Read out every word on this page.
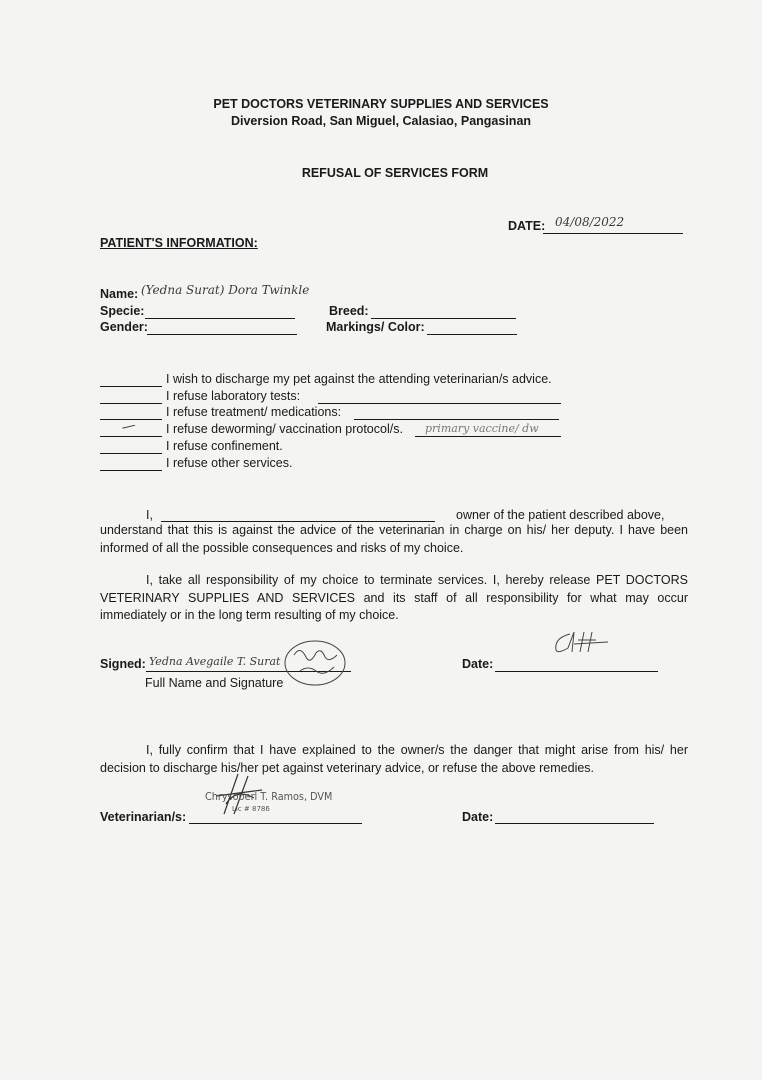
PET DOCTORS VETERINARY SUPPLIES AND SERVICES
Diversion Road, San Miguel, Calasiao, Pangasinan
REFUSAL OF SERVICES FORM
DATE: 04/08/2022
PATIENT'S INFORMATION:
Name: (Yedna Surat) Dora Twinkle
Specie:	Breed:
Gender:	Markings/ Color:
I wish to discharge my pet against the attending veterinarian/s advice.
I refuse laboratory tests:
I refuse treatment/ medications:
/ I refuse deworming/ vaccination protocol/s. primary vaccine/ dw
I refuse confinement.
I refuse other services.
I,	owner of the patient described above,
understand that this is against the advice of the veterinarian in charge on his/ her deputy. I have been informed of all the possible consequences and risks of my choice.
I, take all responsibility of my choice to terminate services. I, hereby release PET DOCTORS VETERINARY SUPPLIES AND SERVICES and its staff of all responsibility for what may occur immediately or in the long term resulting of my choice.
Signed: Yedna Avegaile T. Surat
Full Name and Signature
Date:
I, fully confirm that I have explained to the owner/s the danger that might arise from his/ her decision to discharge his/her pet against veterinary advice, or refuse the above remedies.
Chrysoberl T. Ramos, DVM
Lic # 8786
Veterinarian/s:	Date:
